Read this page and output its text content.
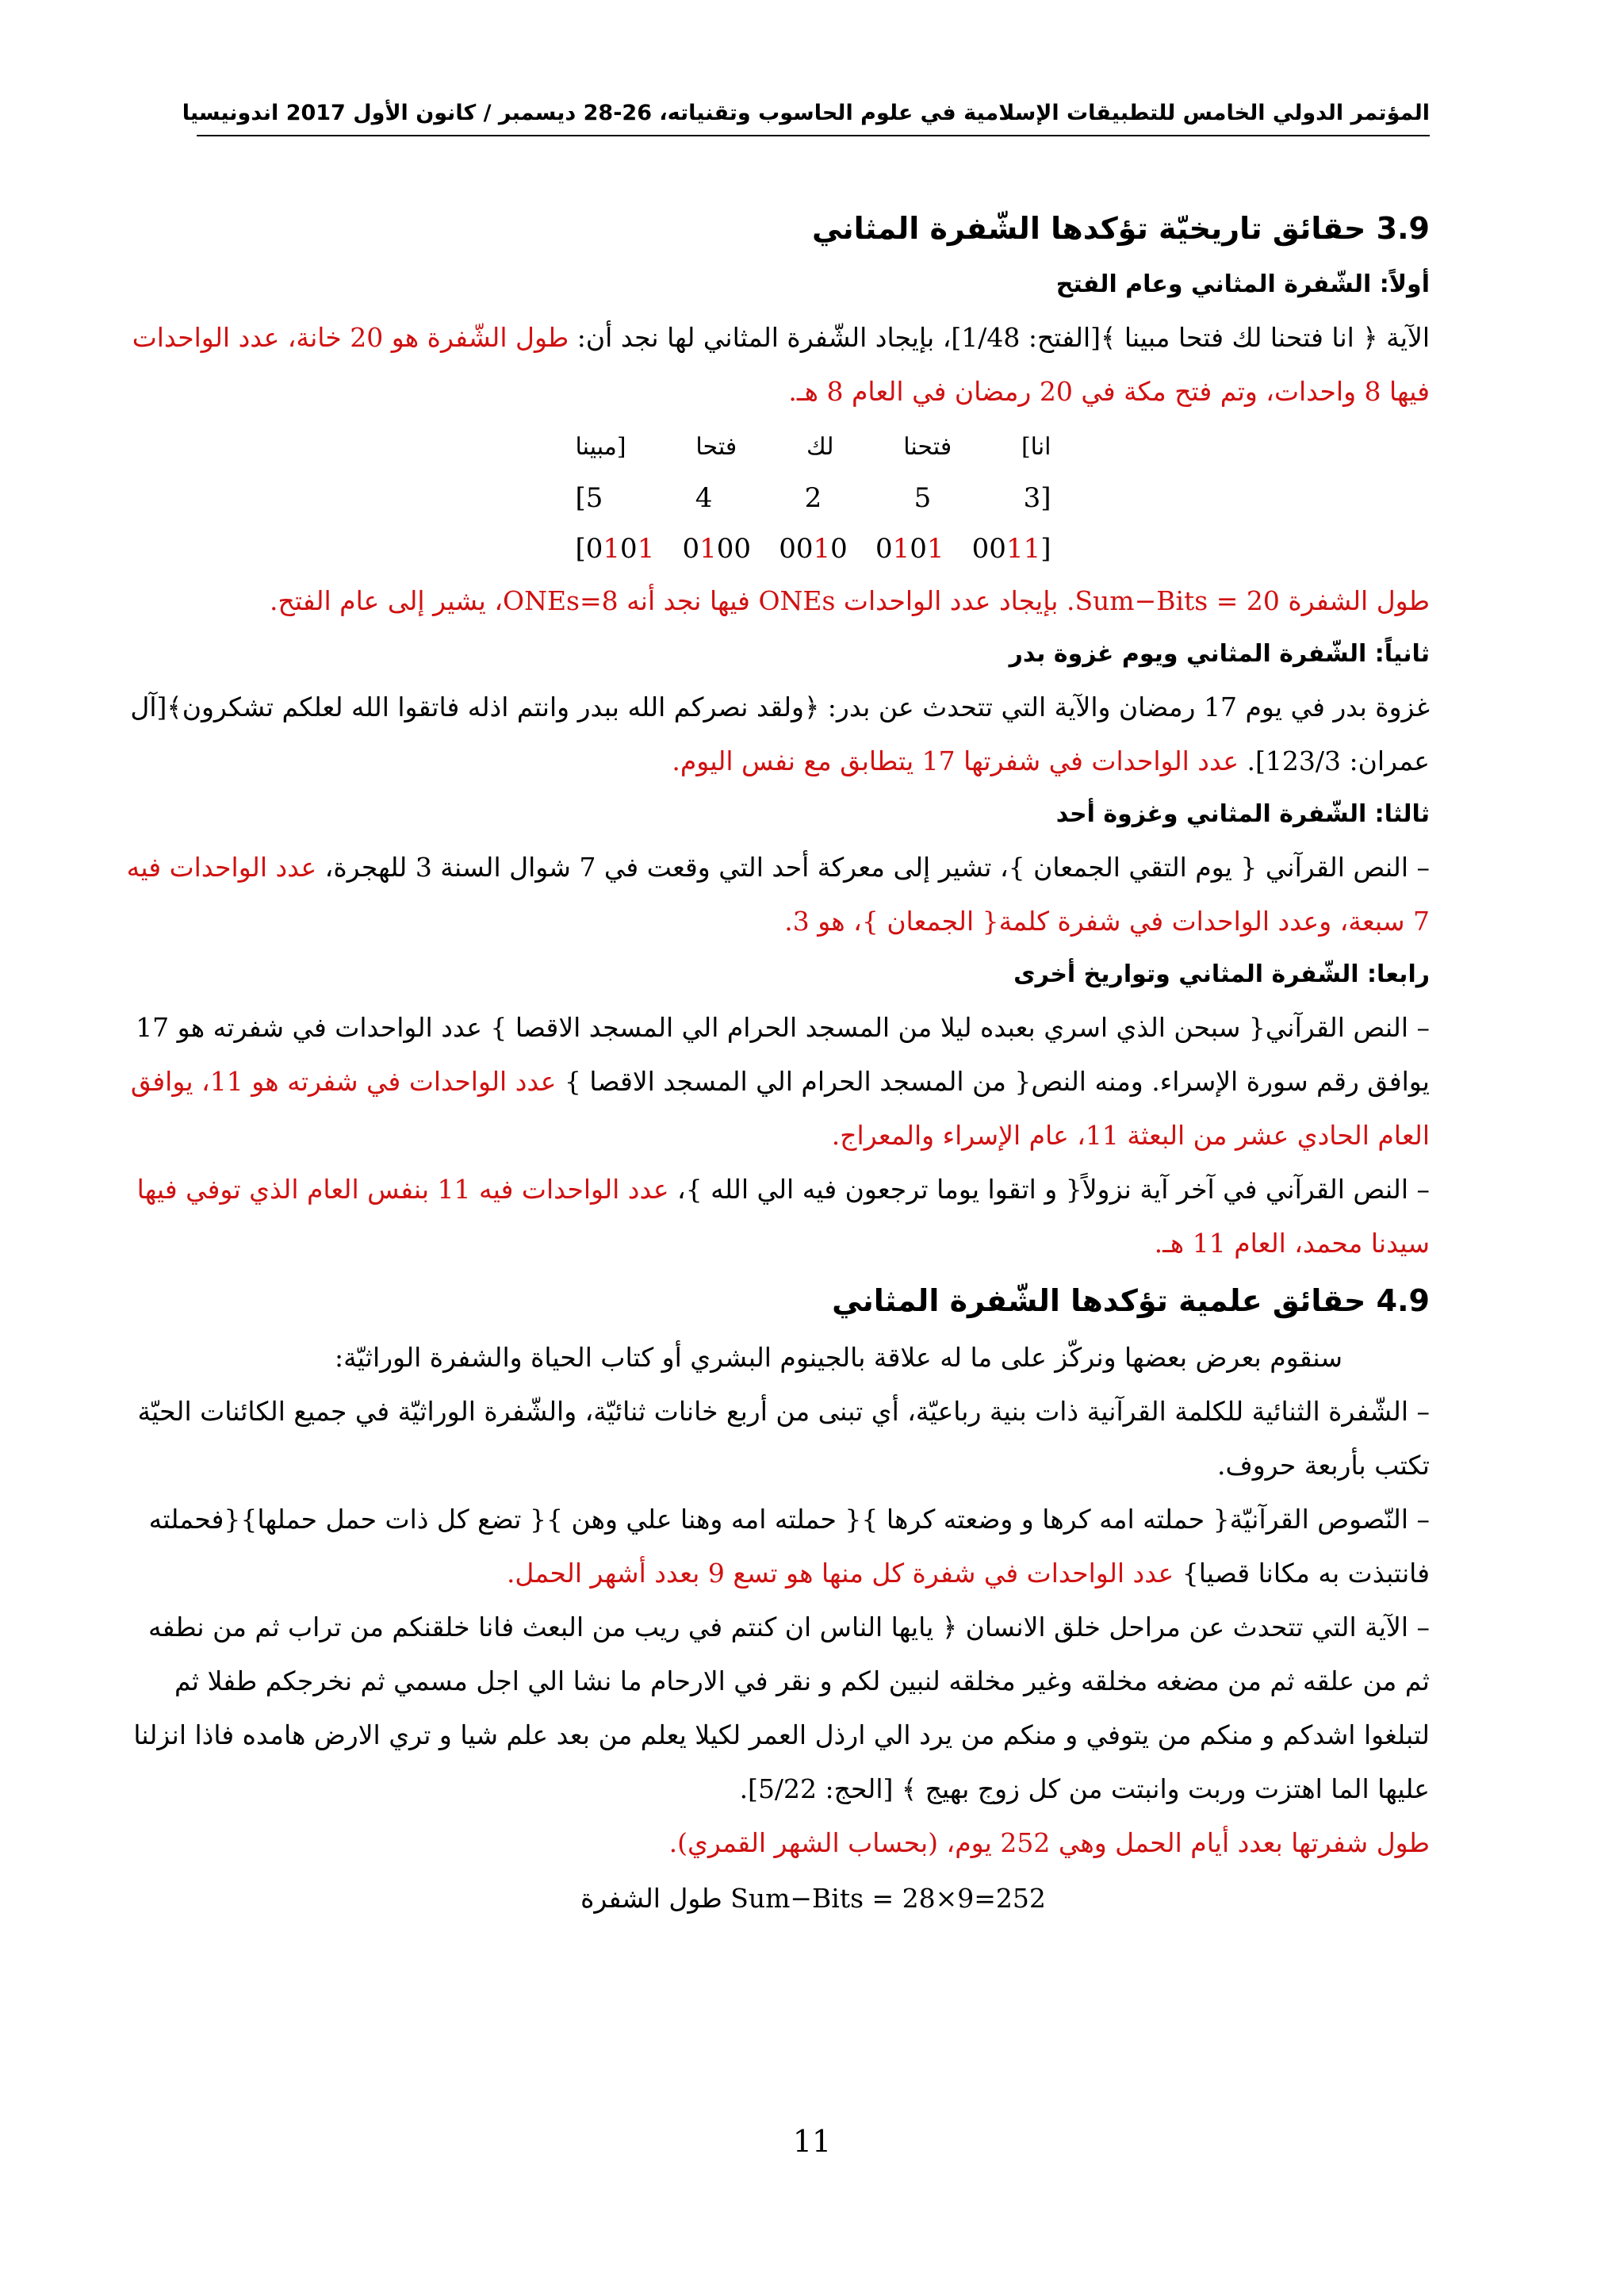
المؤتمر الدولي الخامس للتطبيقات الإسلامية في علوم الحاسوب وتقنياته، 26-28 ديسمبر / كانون الأول 2017 اندونيسيا
3.9 حقائق تاريخيّة تؤكدها الشّفرة المثاني
أولاً: الشّفرة المثاني وعام الفتح
الآية ﴿ انا فتحنا لك فتحا مبينا ﴾[الفتح: 1/48]، بإيجاد الشّفرة المثاني لها نجد أن: طول الشّفرة هو 20 خانة، عدد الواحدات
فيها 8 واحدات، وتم فتح مكة في 20 رمضان في العام 8 هـ.
مبينا]	فتحا	لك	فتحنا	[انا
[5	4	2	5	3]
[0101 0100 0010 0101 0011]
طول الشفرة Sum−Bits = 20. بإيجاد عدد الواحدات ONEs فيها نجد أنه ONEs=8، يشير إلى عام الفتح.
ثانياً: الشّفرة المثاني ويوم غزوة بدر
غزوة بدر في يوم 17 رمضان والآية التي تتحدث عن بدر: ﴿ولقد نصركم الله ببدر وانتم اذله فاتقوا الله لعلكم تشكرون﴾[آل
عمران: 123/3]. عدد الواحدات في شفرتها 17 يتطابق مع نفس اليوم.
ثالثا: الشّفرة المثاني وغزوة أحد
– النص القرآني { يوم التقي الجمعان }، تشير إلى معركة أحد التي وقعت في 7 شوال السنة 3 للهجرة، عدد الواحدات فيه
7 سبعة، وعدد الواحدات في شفرة كلمة{ الجمعان }، هو 3.
رابعا: الشّفرة المثاني وتواريخ أخرى
– النص القرآني{ سبحن الذي اسري بعبده ليلا من المسجد الحرام الي المسجد الاقصا } عدد الواحدات في شفرته هو 17
يوافق رقم سورة الإسراء. ومنه النص{ من المسجد الحرام الي المسجد الاقصا } عدد الواحدات في شفرته هو 11، يوافق
العام الحادي عشر من البعثة 11، عام الإسراء والمعراج.
– النص القرآني في آخر آية نزولاً{ و اتقوا يوما ترجعون فيه الي الله }، عدد الواحدات فيه 11 بنفس العام الذي توفي فيها
سيدنا محمد، العام 11 هـ.
4.9 حقائق علمية تؤكدها الشّفرة المثاني
سنقوم بعرض بعضها ونركّز على ما له علاقة بالجينوم البشري أو كتاب الحياة والشفرة الوراثيّة:
– الشّفرة الثنائية للكلمة القرآنية ذات بنية رباعيّة، أي تبنى من أربع خانات ثنائيّة، والشّفرة الوراثيّة في جميع الكائنات الحيّة
تكتب بأربعة حروف.
– النّصوص القرآنيّة{ حملته امه كرها و وضعته كرها }{ حملته امه وهنا علي وهن }{ تضع كل ذات حمل حملها}{فحملته
فانتبذت به مكانا قصيا} عدد الواحدات في شفرة كل منها هو تسع 9 بعدد أشهر الحمل.
– الآية التي تتحدث عن مراحل خلق الانسان ﴿ يايها الناس ان كنتم في ريب من البعث فانا خلقنكم من تراب ثم من نطفه
ثم من علقه ثم من مضغه مخلقه وغير مخلقه لنبين لكم و نقر في الارحام ما نشا الي اجل مسمي ثم نخرجكم طفلا ثم
لتبلغوا اشدكم و منكم من يتوفي و منكم من يرد الي ارذل العمر لكيلا يعلم من بعد علم شيا و تري الارض هامده فاذا انزلنا
عليها الما اهتزت وربت وانبتت من كل زوج بهيج ﴾ [الحج: 5/22].
طول شفرتها بعدد أيام الحمل وهي 252 يوم، (بحساب الشهر القمري).
طول الشفرة Sum−Bits = 28×9=252
11
